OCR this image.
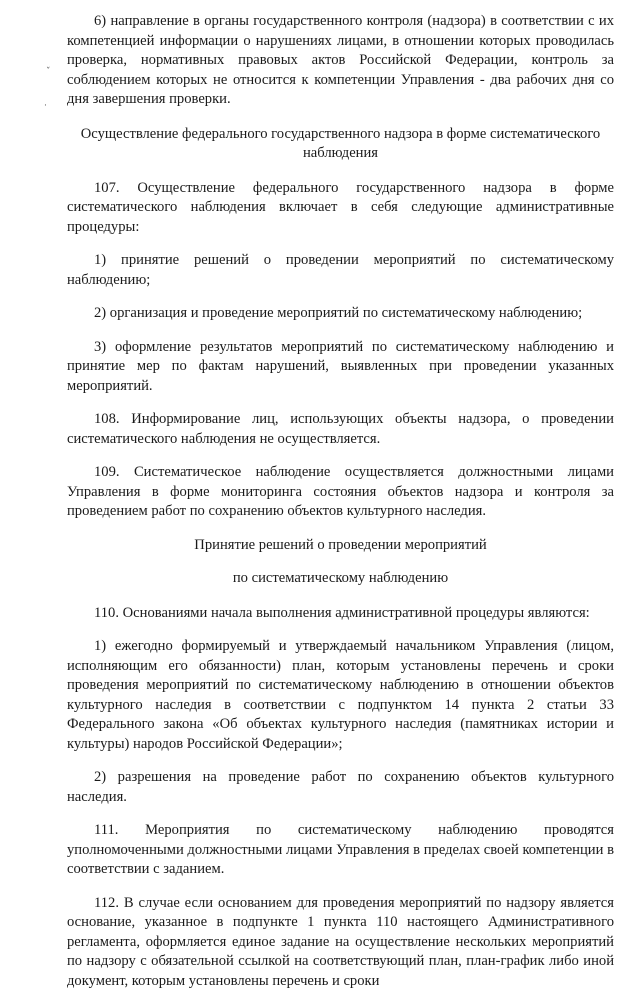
ˇ
·

6) направление в органы государственного контроля (надзора) в соответствии с их компетенцией информации о нарушениях лицами, в отношении которых проводилась проверка, нормативных правовых актов Российской Федерации, контроль за соблюдением которых не относится к компетенции Управления - два рабочих дня со дня завершения проверки.

Осуществление федерального государственного надзора в форме систематического наблюдения

107. Осуществление федерального государственного надзора в форме систематического наблюдения включает в себя следующие административные процедуры:

1) принятие решений о проведении мероприятий по систематическому наблюдению;

2) организация и проведение мероприятий по систематическому наблюдению;

3) оформление результатов мероприятий по систематическому наблюдению и принятие мер по фактам нарушений, выявленных при проведении указанных мероприятий.

108. Информирование лиц, использующих объекты надзора, о проведении систематического наблюдения не осуществляется.

109. Систематическое наблюдение осуществляется должностными лицами Управления в форме мониторинга состояния объектов надзора и контроля за проведением работ по сохранению объектов культурного наследия.

Принятие решений о проведении мероприятий
по систематическому наблюдению

110. Основаниями начала выполнения административной процедуры являются:

1) ежегодно формируемый и утверждаемый начальником Управления (лицом, исполняющим его обязанности) план, которым установлены перечень и сроки проведения мероприятий по систематическому наблюдению в отношении объектов культурного наследия в соответствии с подпунктом 14 пункта 2 статьи 33 Федерального закона «Об объектах культурного наследия (памятниках истории и культуры) народов Российской Федерации»;

2) разрешения на проведение работ по сохранению объектов культурного наследия.

111. Мероприятия по систематическому наблюдению проводятся уполномоченными должностными лицами Управления в пределах своей компетенции в соответствии с заданием.

112. В случае если основанием для проведения мероприятий по надзору является основание, указанное в подпункте 1 пункта 110 настоящего Административного регламента, оформляется единое задание на осуществление нескольких мероприятий по надзору с обязательной ссылкой на соответствующий план, план-график либо иной документ, которым установлены перечень и сроки
